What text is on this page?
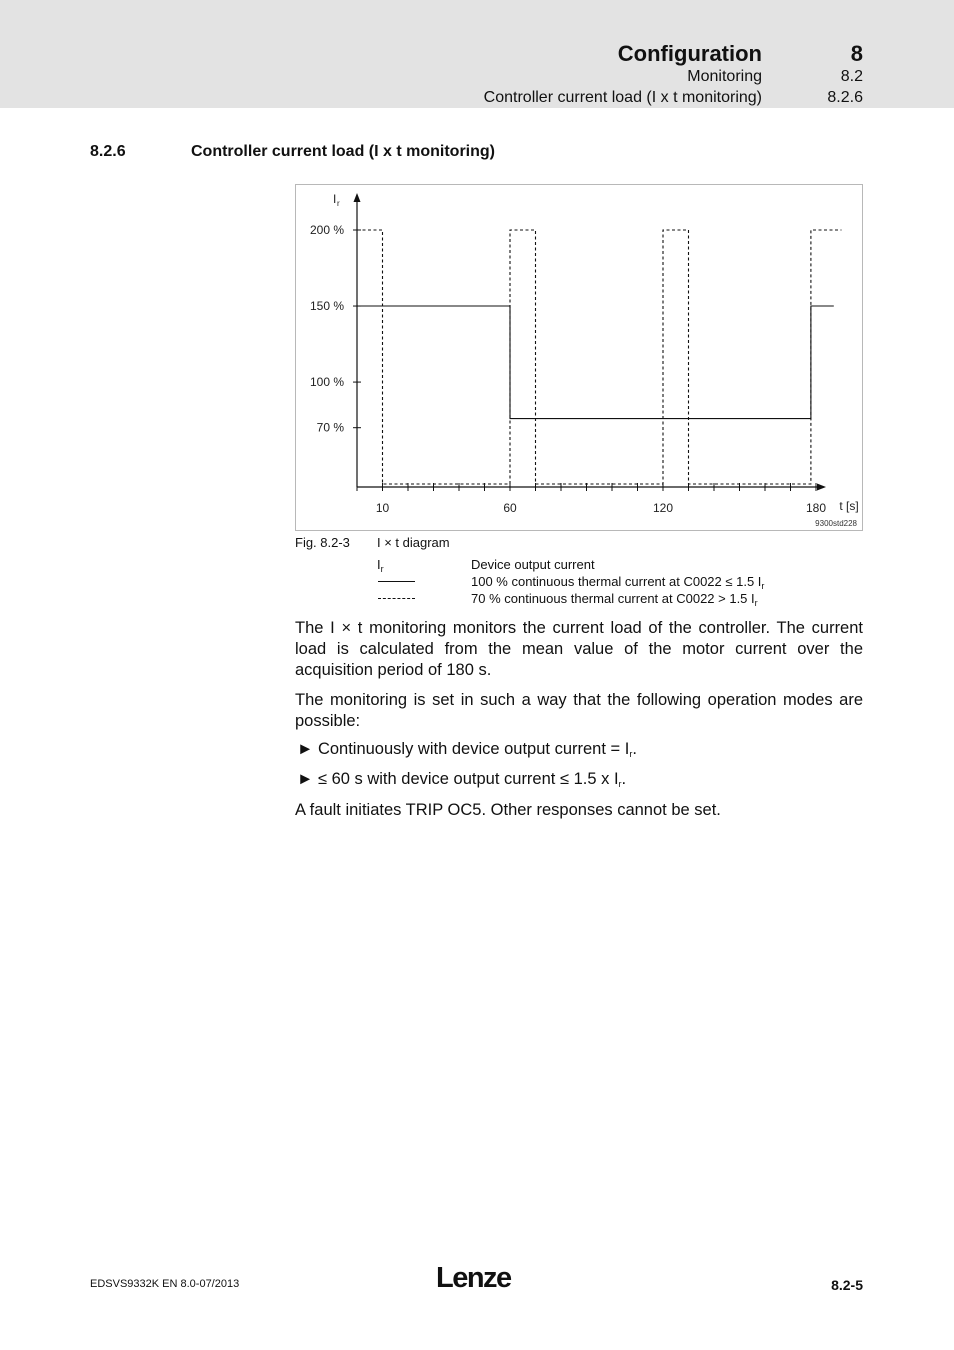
Configuration	8
Monitoring	8.2
Controller current load (I x t monitoring)	8.2.6
8.2.6	Controller current load (I x t monitoring)
10	60	120	180 t [s]
200 %
150 %
100 %
70 %
I r
9300std228
Fig. 8.2-3 I × t diagram
$I_r$	Device output current
100 % continuous thermal current at C0022 ≤ 1.5 $I_r$
70 % continuous thermal current at C0022 > 1.5 $I_r$
The I × t monitoring monitors the current load of the controller. The current load is calculated from the mean value of the motor current over the acquisition period of 180 s.
The monitoring is set in such a way that the following operation modes are possible:
► Continuously with device output current = $I_r$.
► ≤ 60 s with device output current ≤ 1.5 x $I_r$.
A fault initiates TRIP OC5. Other responses cannot be set.
EDSVS9332K EN 8.0-07/2013	Lenze	8.2-5
